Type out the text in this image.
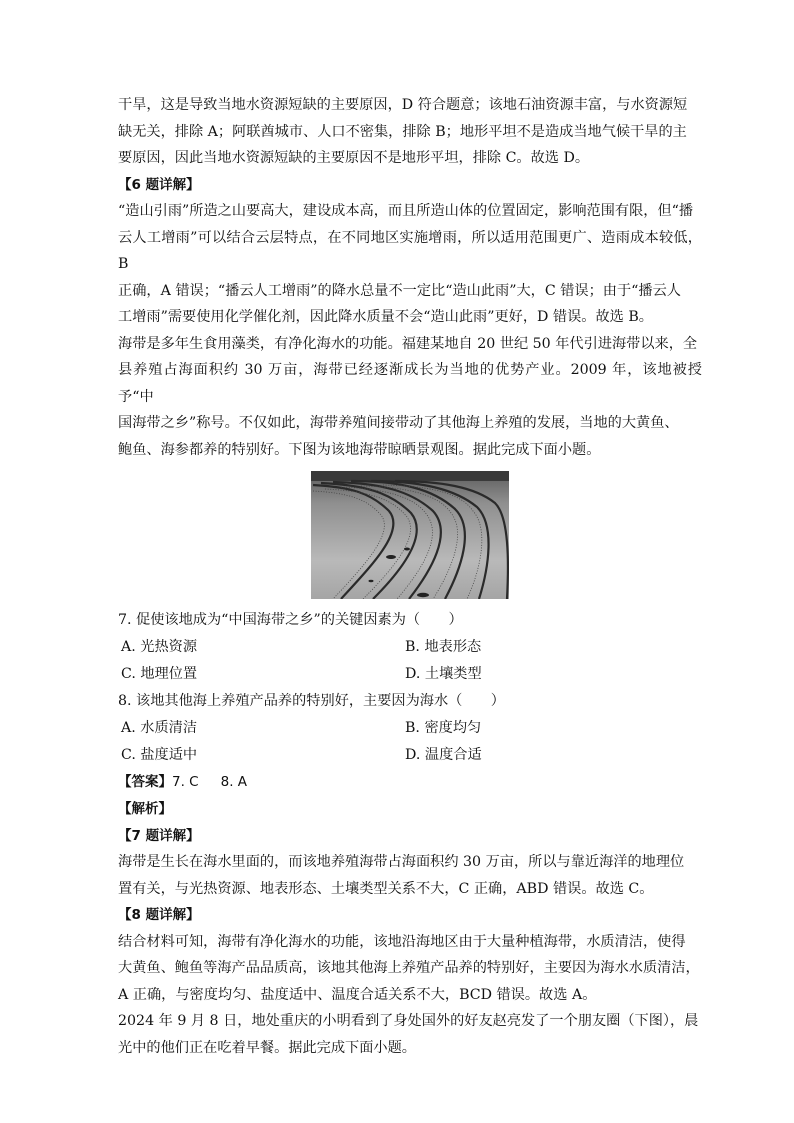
干旱，这是导致当地水资源短缺的主要原因，D 符合题意；该地石油资源丰富，与水资源短

缺无关，排除 A；阿联酋城市、人口不密集，排除 B；地形平坦不是造成当地气候干旱的主

要原因，因此当地水资源短缺的主要原因不是地形平坦，排除 C。故选 D。

【6 题详解】

“造山引雨”所造之山要高大，建设成本高，而且所造山体的位置固定，影响范围有限，但“播

云人工增雨”可以结合云层特点，在不同地区实施增雨，所以适用范围更广、造雨成本较低，B

正确，A 错误；“播云人工增雨”的降水总量不一定比“造山此雨”大，C 错误；由于“播云人

工增雨”需要使用化学催化剂，因此降水质量不会“造山此雨”更好，D 错误。故选 B。

海带是多年生食用藻类，有净化海水的功能。福建某地自 20 世纪 50 年代引进海带以来，全

县养殖占海面积约 30 万亩，海带已经逐渐成长为当地的优势产业。2009 年，该地被授予“中

国海带之乡”称号。不仅如此，海带养殖间接带动了其他海上养殖的发展，当地的大黄鱼、

鲍鱼、海参都养的特别好。下图为该地海带晾晒景观图。据此完成下面小题。

7. 促使该地成为“中国海带之乡”的关键因素为（　　）

A. 光热资源	B. 地表形态
C. 地理位置	D. 土壤类型

8. 该地其他海上养殖产品养的特别好，主要因为海水（　　）

A. 水质清洁	B. 密度均匀
C. 盐度适中	D. 温度合适

【答案】7. C 8. A

【解析】

【7 题详解】

海带是生长在海水里面的，而该地养殖海带占海面积约 30 万亩，所以与靠近海洋的地理位

置有关，与光热资源、地表形态、土壤类型关系不大，C 正确，ABD 错误。故选 C。

【8 题详解】

结合材料可知，海带有净化海水的功能，该地沿海地区由于大量种植海带，水质清洁，使得

大黄鱼、鲍鱼等海产品品质高，该地其他海上养殖产品养的特别好，主要因为海水水质清洁，

A 正确，与密度均匀、盐度适中、温度合适关系不大，BCD 错误。故选 A。

2024 年 9 月 8 日，地处重庆的小明看到了身处国外的好友赵亮发了一个朋友圈（下图），晨

光中的他们正在吃着早餐。据此完成下面小题。
